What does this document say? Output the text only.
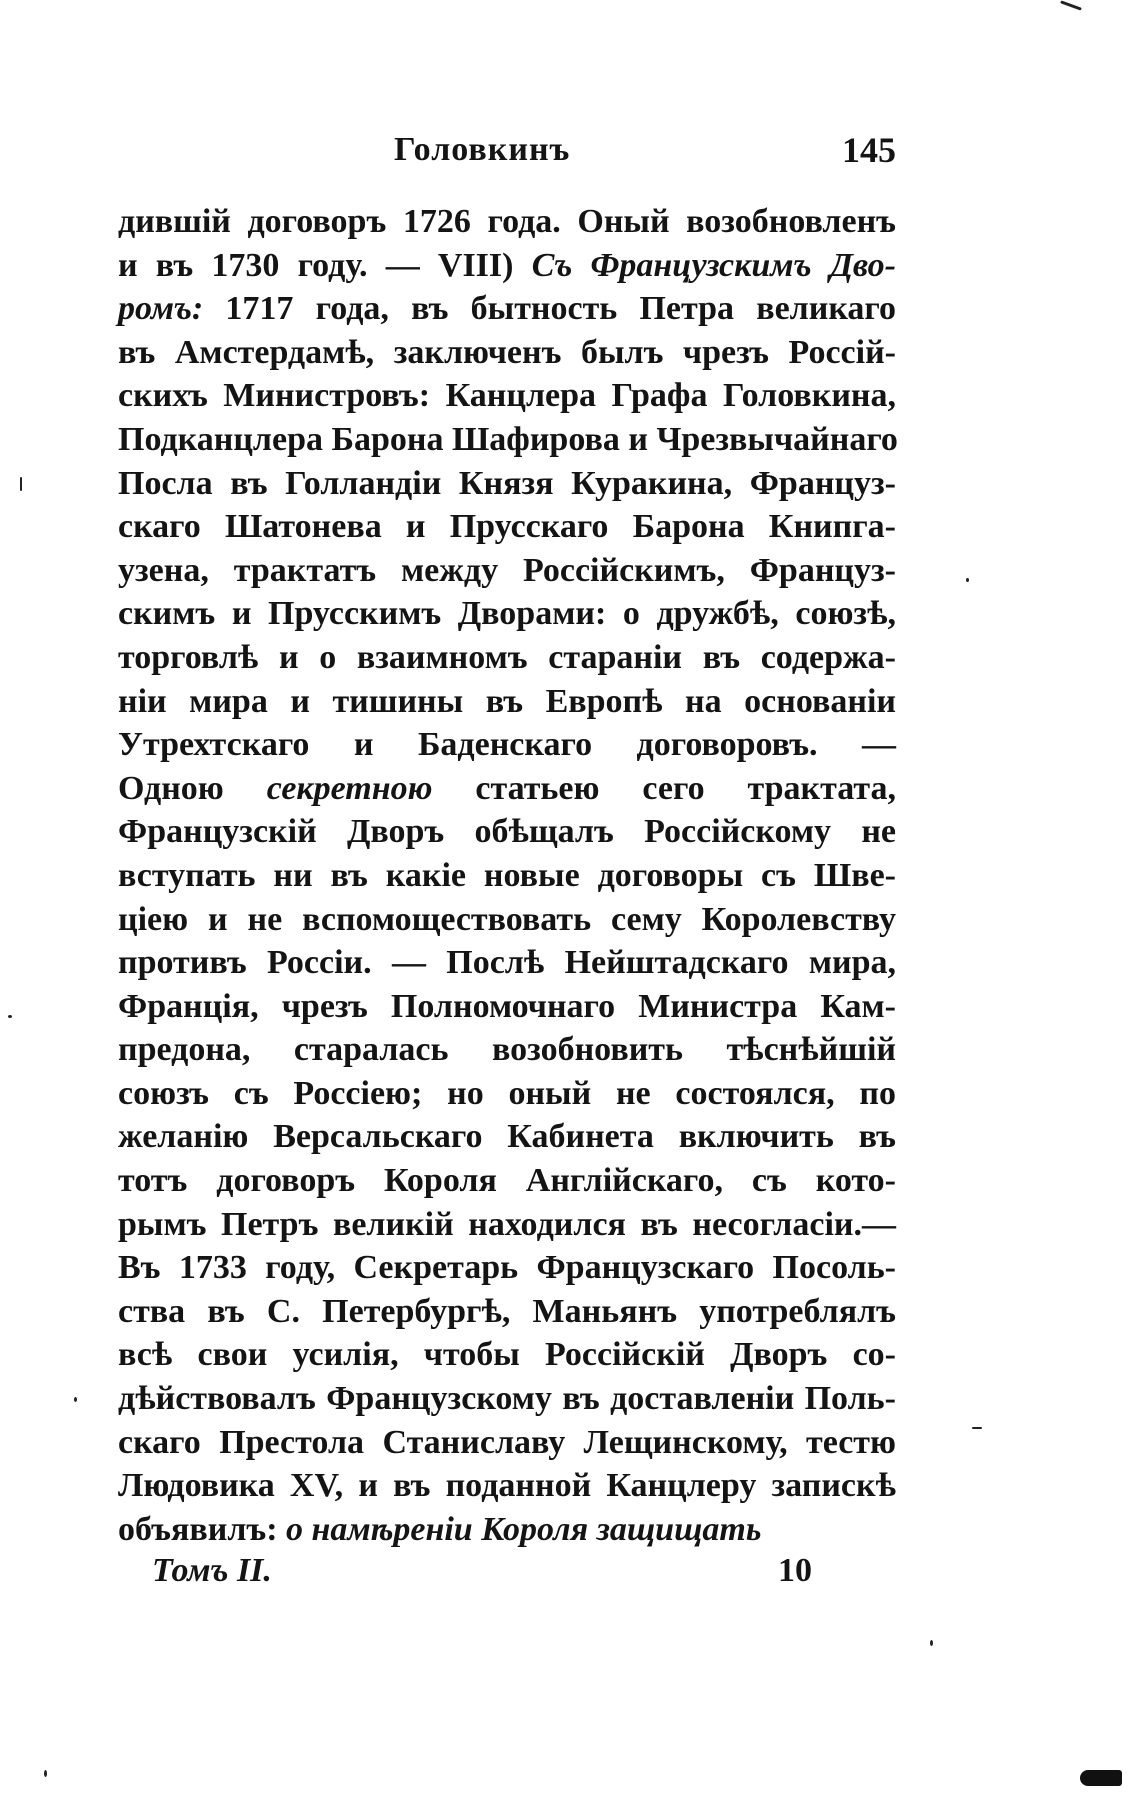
Головкинъ	145
дившій договоръ 1726 года. Оный возобновленъ
и въ 1730 году. — VIII) Съ Французскимъ Дво-
ромъ: 1717 года, въ бытность Петра великаго
въ Амстердамѣ, заключенъ былъ чрезъ Россій-
скихъ Министровъ: Канцлера Графа Головкина,
Подканцлера Барона Шафирова и Чрезвычайнаго
Посла въ Голландіи Князя Куракина, Француз-
скаго Шатонева и Прусскаго Барона Книпга-
узена, трактатъ между Россійскимъ, Француз-
скимъ и Прусскимъ Дворами: о дружбѣ, союзѣ,
торговлѣ и о взаимномъ стараніи въ содержа-
ніи мира и тишины въ Европѣ на основаніи
Утрехтскаго и Баденскаго договоровъ. —
Одною секретною статьею сего трактата,
Французскій Дворъ обѣщалъ Россійскому не
вступать ни въ какіе новые договоры съ Шве-
ціею и не вспомоществовать сему Королевству
противъ Россіи. — Послѣ Нейштадскаго мира,
Франція, чрезъ Полномочнаго Министра Кам-
предона, старалась возобновить тѣснѣйшій
союзъ съ Россіею; но оный не состоялся, по
желанію Версальскаго Кабинета включить въ
тотъ договоръ Короля Англійскаго, съ кото-
рымъ Петръ великій находился въ несогласіи.—
Въ 1733 году, Секретарь Французскаго Посоль-
ства въ С. Петербургѣ, Маньянъ употреблялъ
всѣ свои усилія, чтобы Россійскій Дворъ со-
дѣйствовалъ Французскому въ доставленіи Поль-
скаго Престола Станиславу Лещинскому, тестю
Людовика XV, и въ поданной Канцлеру запискѣ
объявилъ: о намѣреніи Короля защищать
Томъ II.	10
